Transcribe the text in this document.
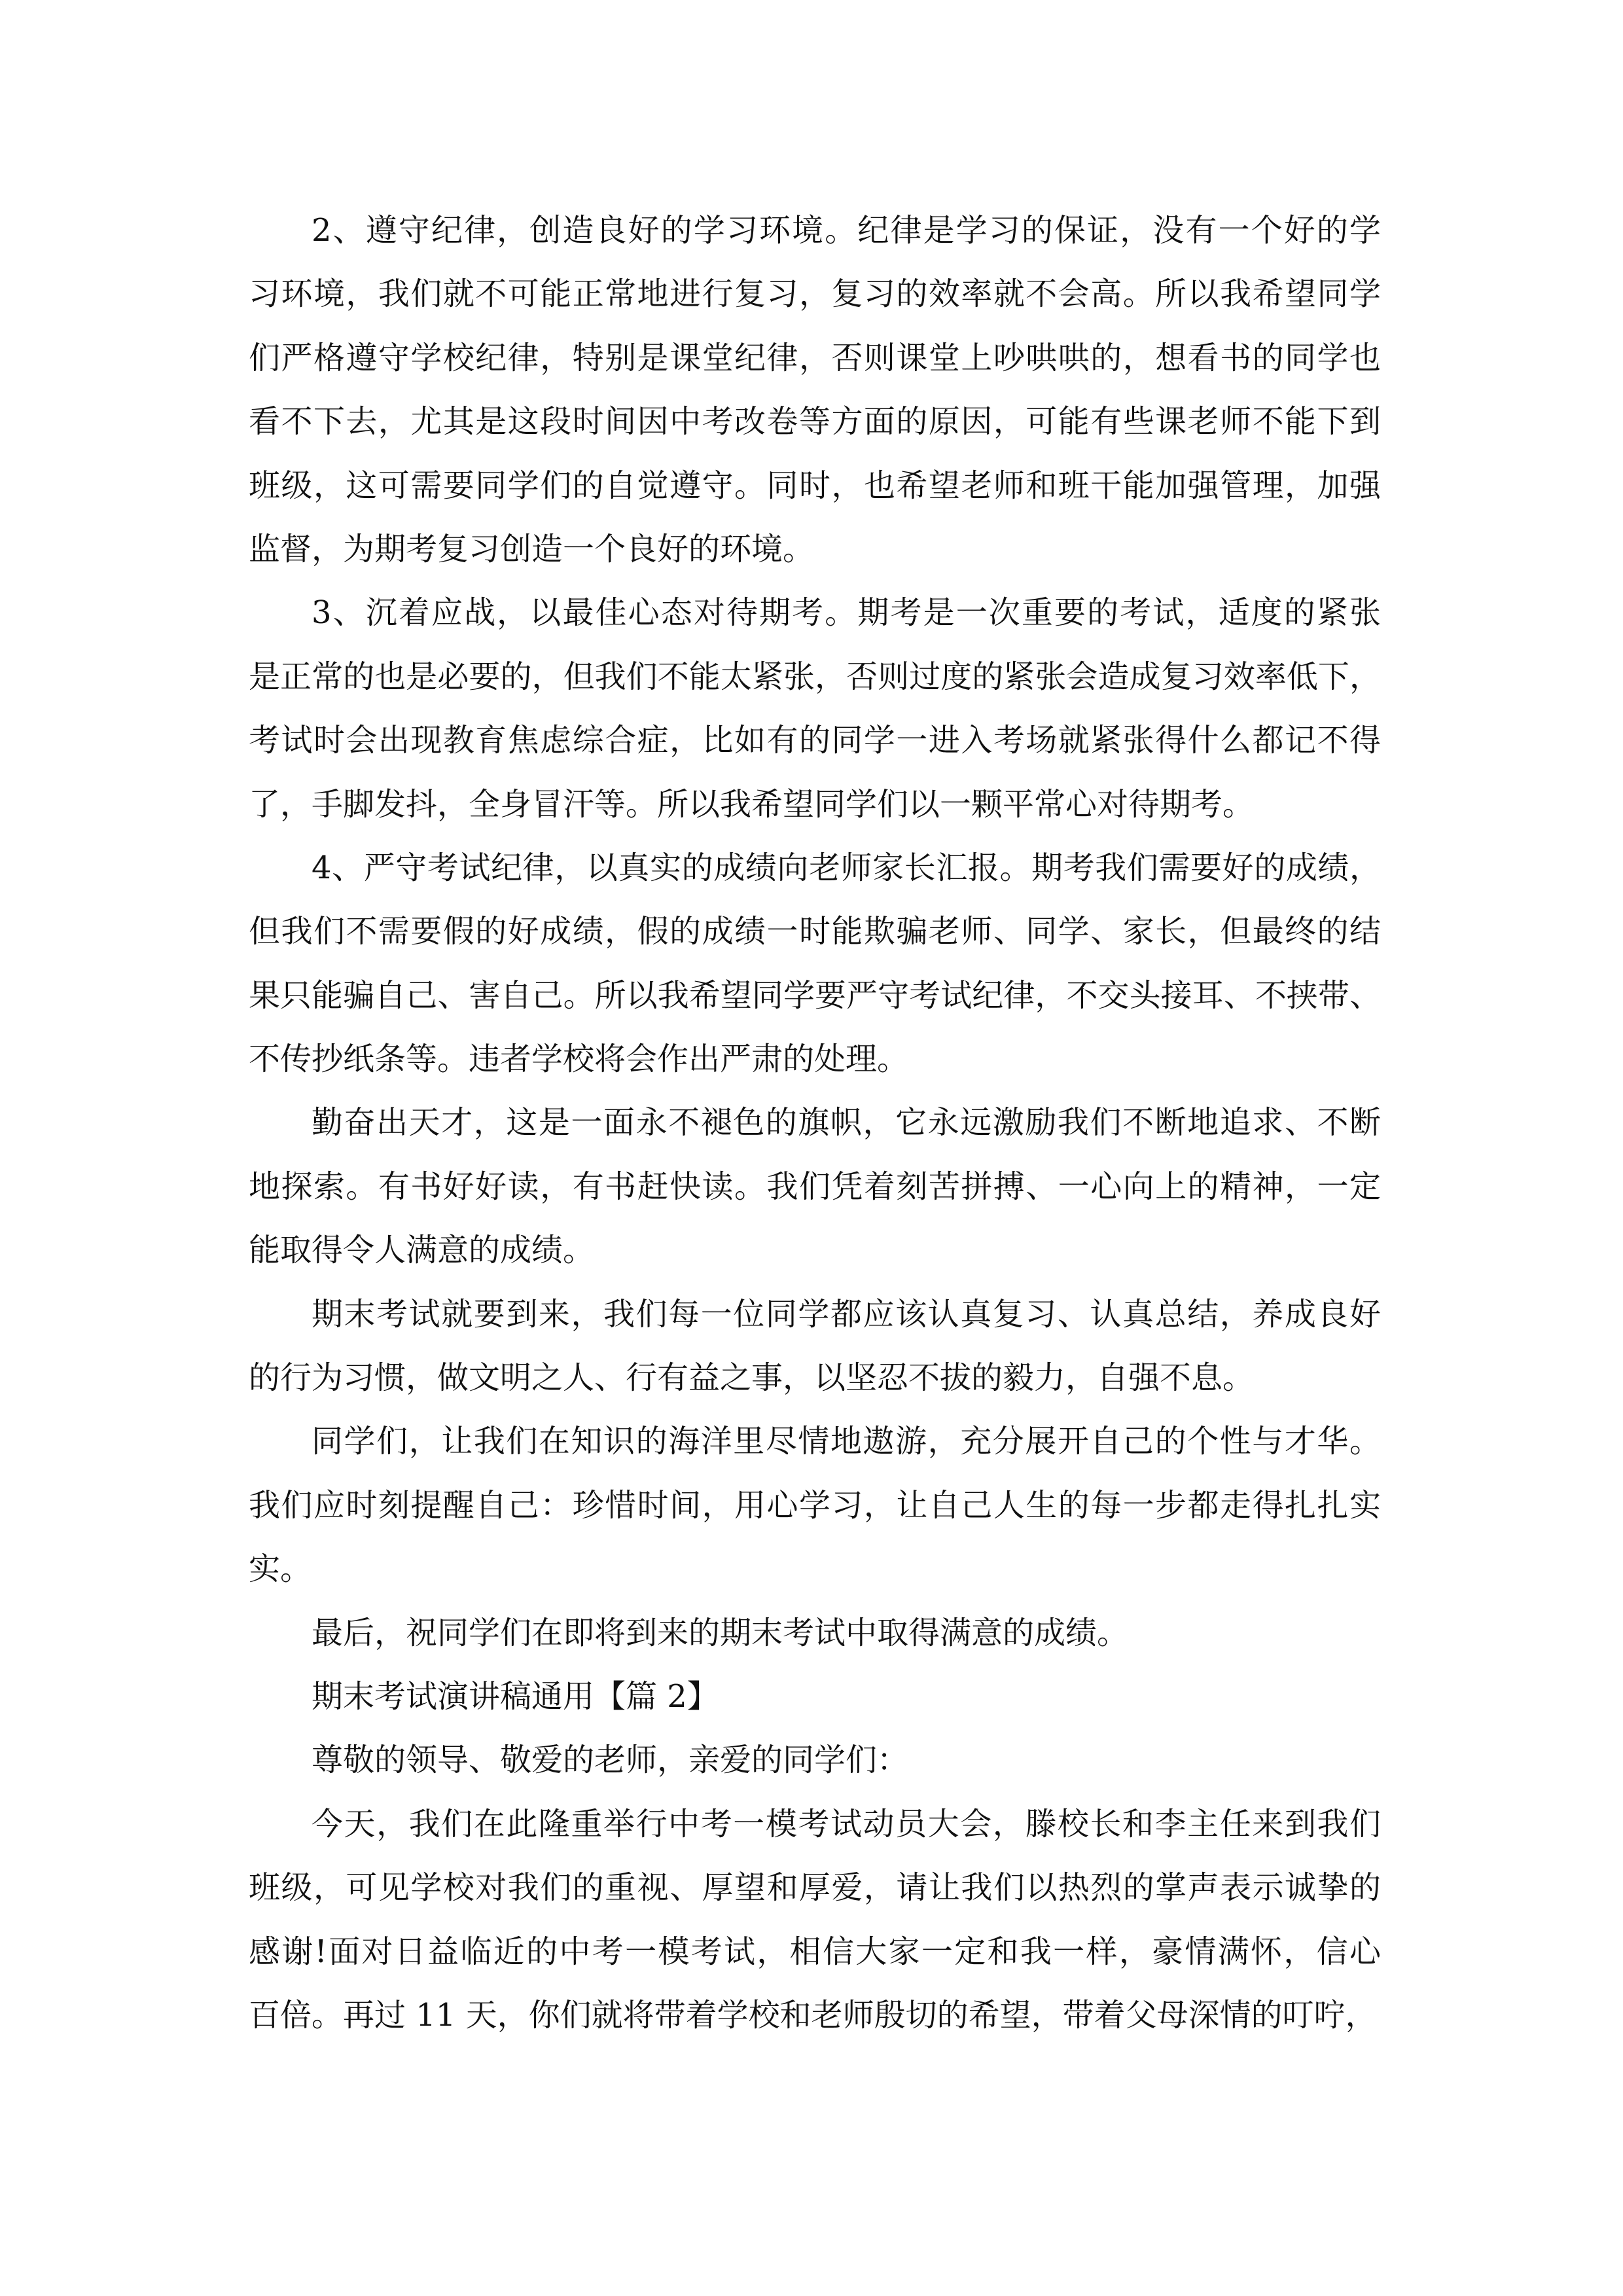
2、遵守纪律，创造良好的学习环境。纪律是学习的保证，没有一个好的学
习环境，我们就不可能正常地进行复习，复习的效率就不会高。所以我希望同学
们严格遵守学校纪律，特别是课堂纪律，否则课堂上吵哄哄的，想看书的同学也
看不下去，尤其是这段时间因中考改卷等方面的原因，可能有些课老师不能下到
班级，这可需要同学们的自觉遵守。同时，也希望老师和班干能加强管理，加强
监督，为期考复习创造一个良好的环境。
3、沉着应战，以最佳心态对待期考。期考是一次重要的考试，适度的紧张
是正常的也是必要的，但我们不能太紧张，否则过度的紧张会造成复习效率低下，
考试时会出现教育焦虑综合症，比如有的同学一进入考场就紧张得什么都记不得
了，手脚发抖，全身冒汗等。所以我希望同学们以一颗平常心对待期考。
4、严守考试纪律，以真实的成绩向老师家长汇报。期考我们需要好的成绩，
但我们不需要假的好成绩，假的成绩一时能欺骗老师、同学、家长，但最终的结
果只能骗自己、害自己。所以我希望同学要严守考试纪律，不交头接耳、不挟带、
不传抄纸条等。违者学校将会作出严肃的处理。
勤奋出天才，这是一面永不褪色的旗帜，它永远激励我们不断地追求、不断
地探索。有书好好读，有书赶快读。我们凭着刻苦拼搏、一心向上的精神，一定
能取得令人满意的成绩。
期末考试就要到来，我们每一位同学都应该认真复习、认真总结，养成良好
的行为习惯，做文明之人、行有益之事，以坚忍不拔的毅力，自强不息。
同学们，让我们在知识的海洋里尽情地遨游，充分展开自己的个性与才华。
我们应时刻提醒自己：珍惜时间，用心学习，让自己人生的每一步都走得扎扎实
实。
最后，祝同学们在即将到来的期末考试中取得满意的成绩。
期末考试演讲稿通用【篇 2】
尊敬的领导、敬爱的老师，亲爱的同学们：
今天，我们在此隆重举行中考一模考试动员大会，滕校长和李主任来到我们
班级，可见学校对我们的重视、厚望和厚爱，请让我们以热烈的掌声表示诚挚的
感谢!面对日益临近的中考一模考试，相信大家一定和我一样，豪情满怀，信心
百倍。再过 11 天，你们就将带着学校和老师殷切的希望，带着父母深情的叮咛，
